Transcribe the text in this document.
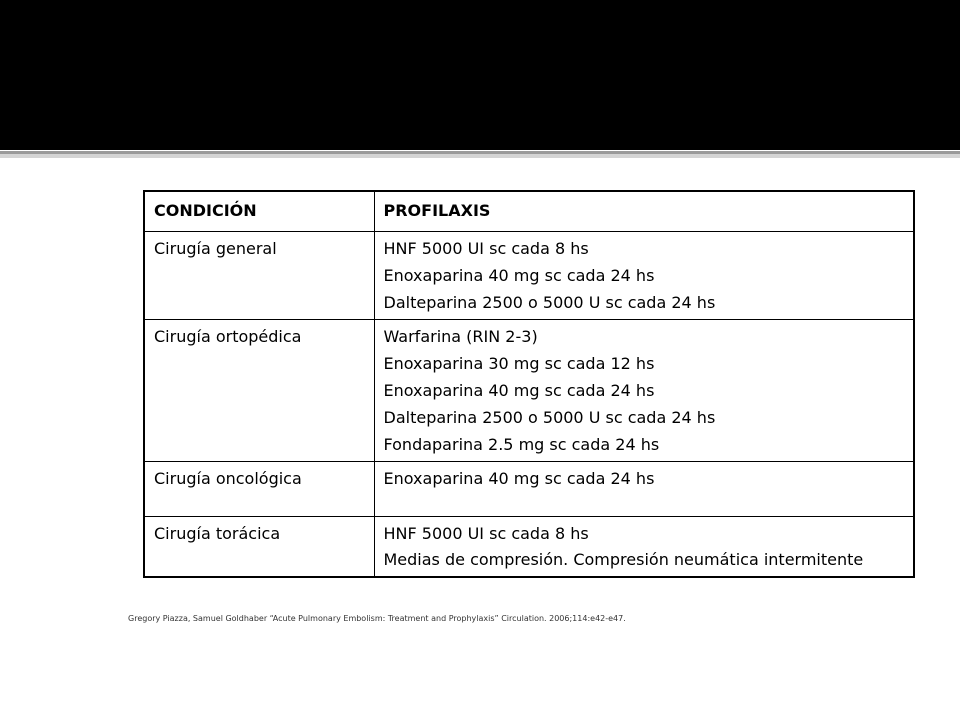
CONDICIÓN	PROFILAXIS
Cirugía general	HNF 5000 UI sc cada 8 hs
Enoxaparina 40 mg sc cada 24 hs
Dalteparina 2500 o 5000 U sc cada 24 hs

Cirugía ortopédica	Warfarina (RIN 2-3)
Enoxaparina 30 mg sc cada 12 hs
Enoxaparina 40 mg sc cada 24 hs
Dalteparina 2500 o 5000 U sc cada 24 hs
Fondaparina 2.5 mg sc cada 24 hs

Cirugía oncológica	Enoxaparina 40 mg sc cada 24 hs

Cirugía torácica	HNF 5000 UI sc cada 8 hs
Medias de compresión. Compresión neumática intermitente
Gregory Piazza, Samuel Goldhaber “Acute Pulmonary Embolism: Treatment and Prophylaxis” Circulation. 2006;114:e42-e47.
